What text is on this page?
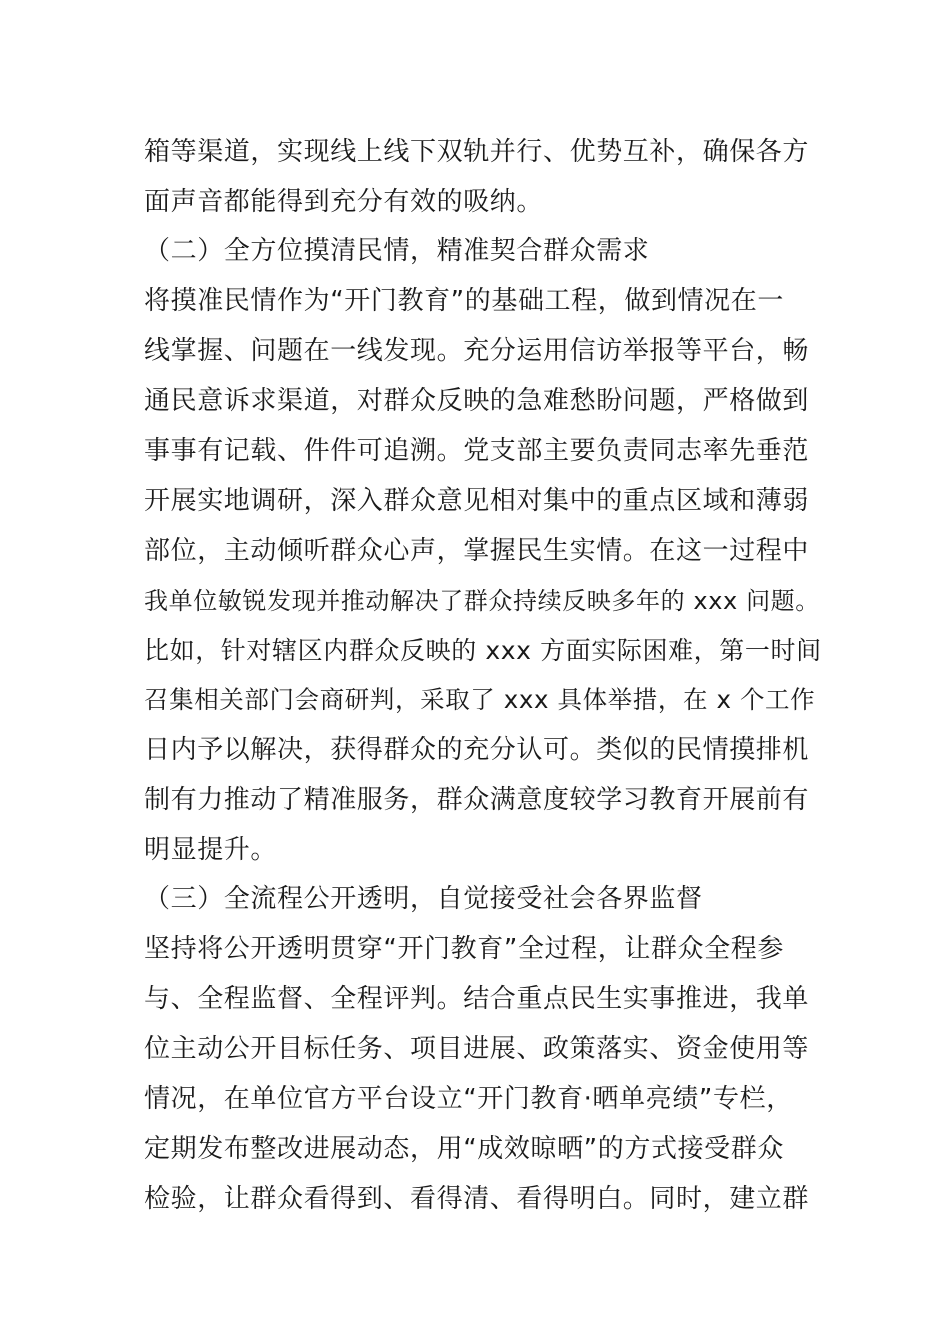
箱等渠道，实现线上线下双轨并行、优势互补，确保各方

面声音都能得到充分有效的吸纳。

（二）全方位摸清民情，精准契合群众需求

将摸准民情作为“开门教育”的基础工程，做到情况在一

线掌握、问题在一线发现。充分运用信访举报等平台，畅

通民意诉求渠道，对群众反映的急难愁盼问题，严格做到

事事有记载、件件可追溯。党支部主要负责同志率先垂范

开展实地调研，深入群众意见相对集中的重点区域和薄弱

部位，主动倾听群众心声，掌握民生实情。在这一过程中

我单位敏锐发现并推动解决了群众持续反映多年的 xxx 问题。

比如，针对辖区内群众反映的 xxx 方面实际困难，第一时间

召集相关部门会商研判，采取了 xxx 具体举措，在 x 个工作

日内予以解决，获得群众的充分认可。类似的民情摸排机

制有力推动了精准服务，群众满意度较学习教育开展前有

明显提升。

（三）全流程公开透明，自觉接受社会各界监督

坚持将公开透明贯穿“开门教育”全过程，让群众全程参

与、全程监督、全程评判。结合重点民生实事推进，我单

位主动公开目标任务、项目进展、政策落实、资金使用等

情况，在单位官方平台设立“开门教育·晒单亮绩”专栏，

定期发布整改进展动态，用“成效晾晒”的方式接受群众

检验，让群众看得到、看得清、看得明白。同时，建立群
